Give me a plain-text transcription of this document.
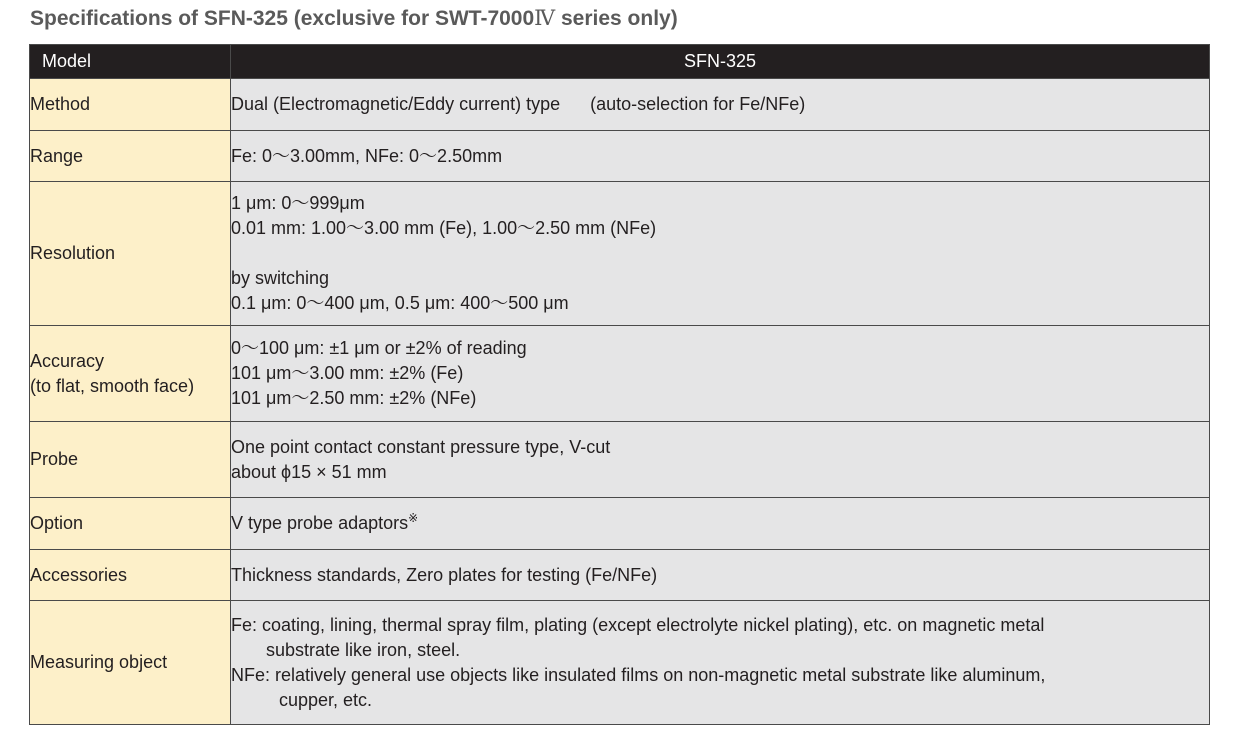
Specifications of SFN-325 (exclusive for SWT-7000Ⅳ series only)
Model	SFN-325
Method	Dual (Electromagnetic/Eddy current) type      (auto-selection for Fe/NFe)

Range	Fe: 0～3.00mm, NFe: 0～2.50mm

Resolution	1 μm: 0～999μm
0.01 mm: 1.00～3.00 mm (Fe), 1.00～2.50 mm (NFe)
by switching
0.1 μm: 0～400 μm, 0.5 μm: 400～500 μm

Accuracy
(to flat, smooth face)	0～100 μm: ±1 μm or ±2% of reading
101 μm～3.00 mm: ±2% (Fe)
101 μm～2.50 mm: ±2% (NFe)

Probe	One point contact constant pressure type, V-cut
about ϕ15 × 51 mm

Option	V type probe adaptors※

Accessories	Thickness standards, Zero plates for testing (Fe/NFe)

Measuring object	Fe: coating, lining, thermal spray film, plating (except electrolyte nickel plating), etc. on magnetic metal
substrate like iron, steel.
NFe: relatively general use objects like insulated films on non-magnetic metal substrate like aluminum,
cupper, etc.
